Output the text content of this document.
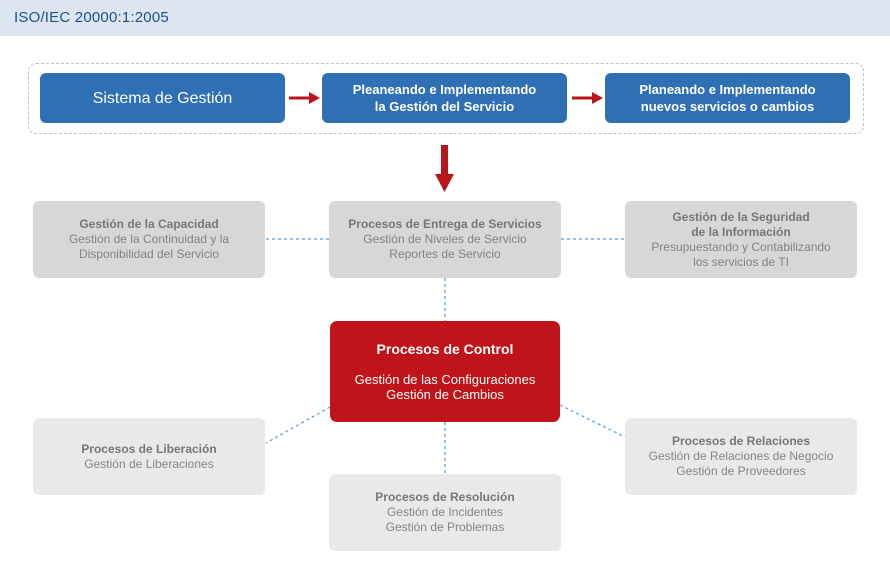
ISO/IEC 20000:1:2005
Sistema de Gestión	Pleaneando e Implementando
la Gestión del Servicio
Planeando e Implementando
nuevos servicios o cambios
Gestión de la Capacidad
Gestión de la Continuidad y la
Disponibilidad del Servicio
Procesos de Entrega de Servicios
Gestión de Niveles de Servicio
Reportes de Servicio
Gestión de la Seguridad
de la Información
Presupuestando y Contabilizando
los servicios de TI
Procesos de Control
Gestión de las Configuraciones
Gestión de Cambios
Procesos de Liberación
Gestión de Liberaciones
Procesos de Relaciones
Gestión de Relaciones de Negocio
Gestión de Proveedores
Procesos de Resolución
Gestión de Incidentes
Gestión de Problemas
